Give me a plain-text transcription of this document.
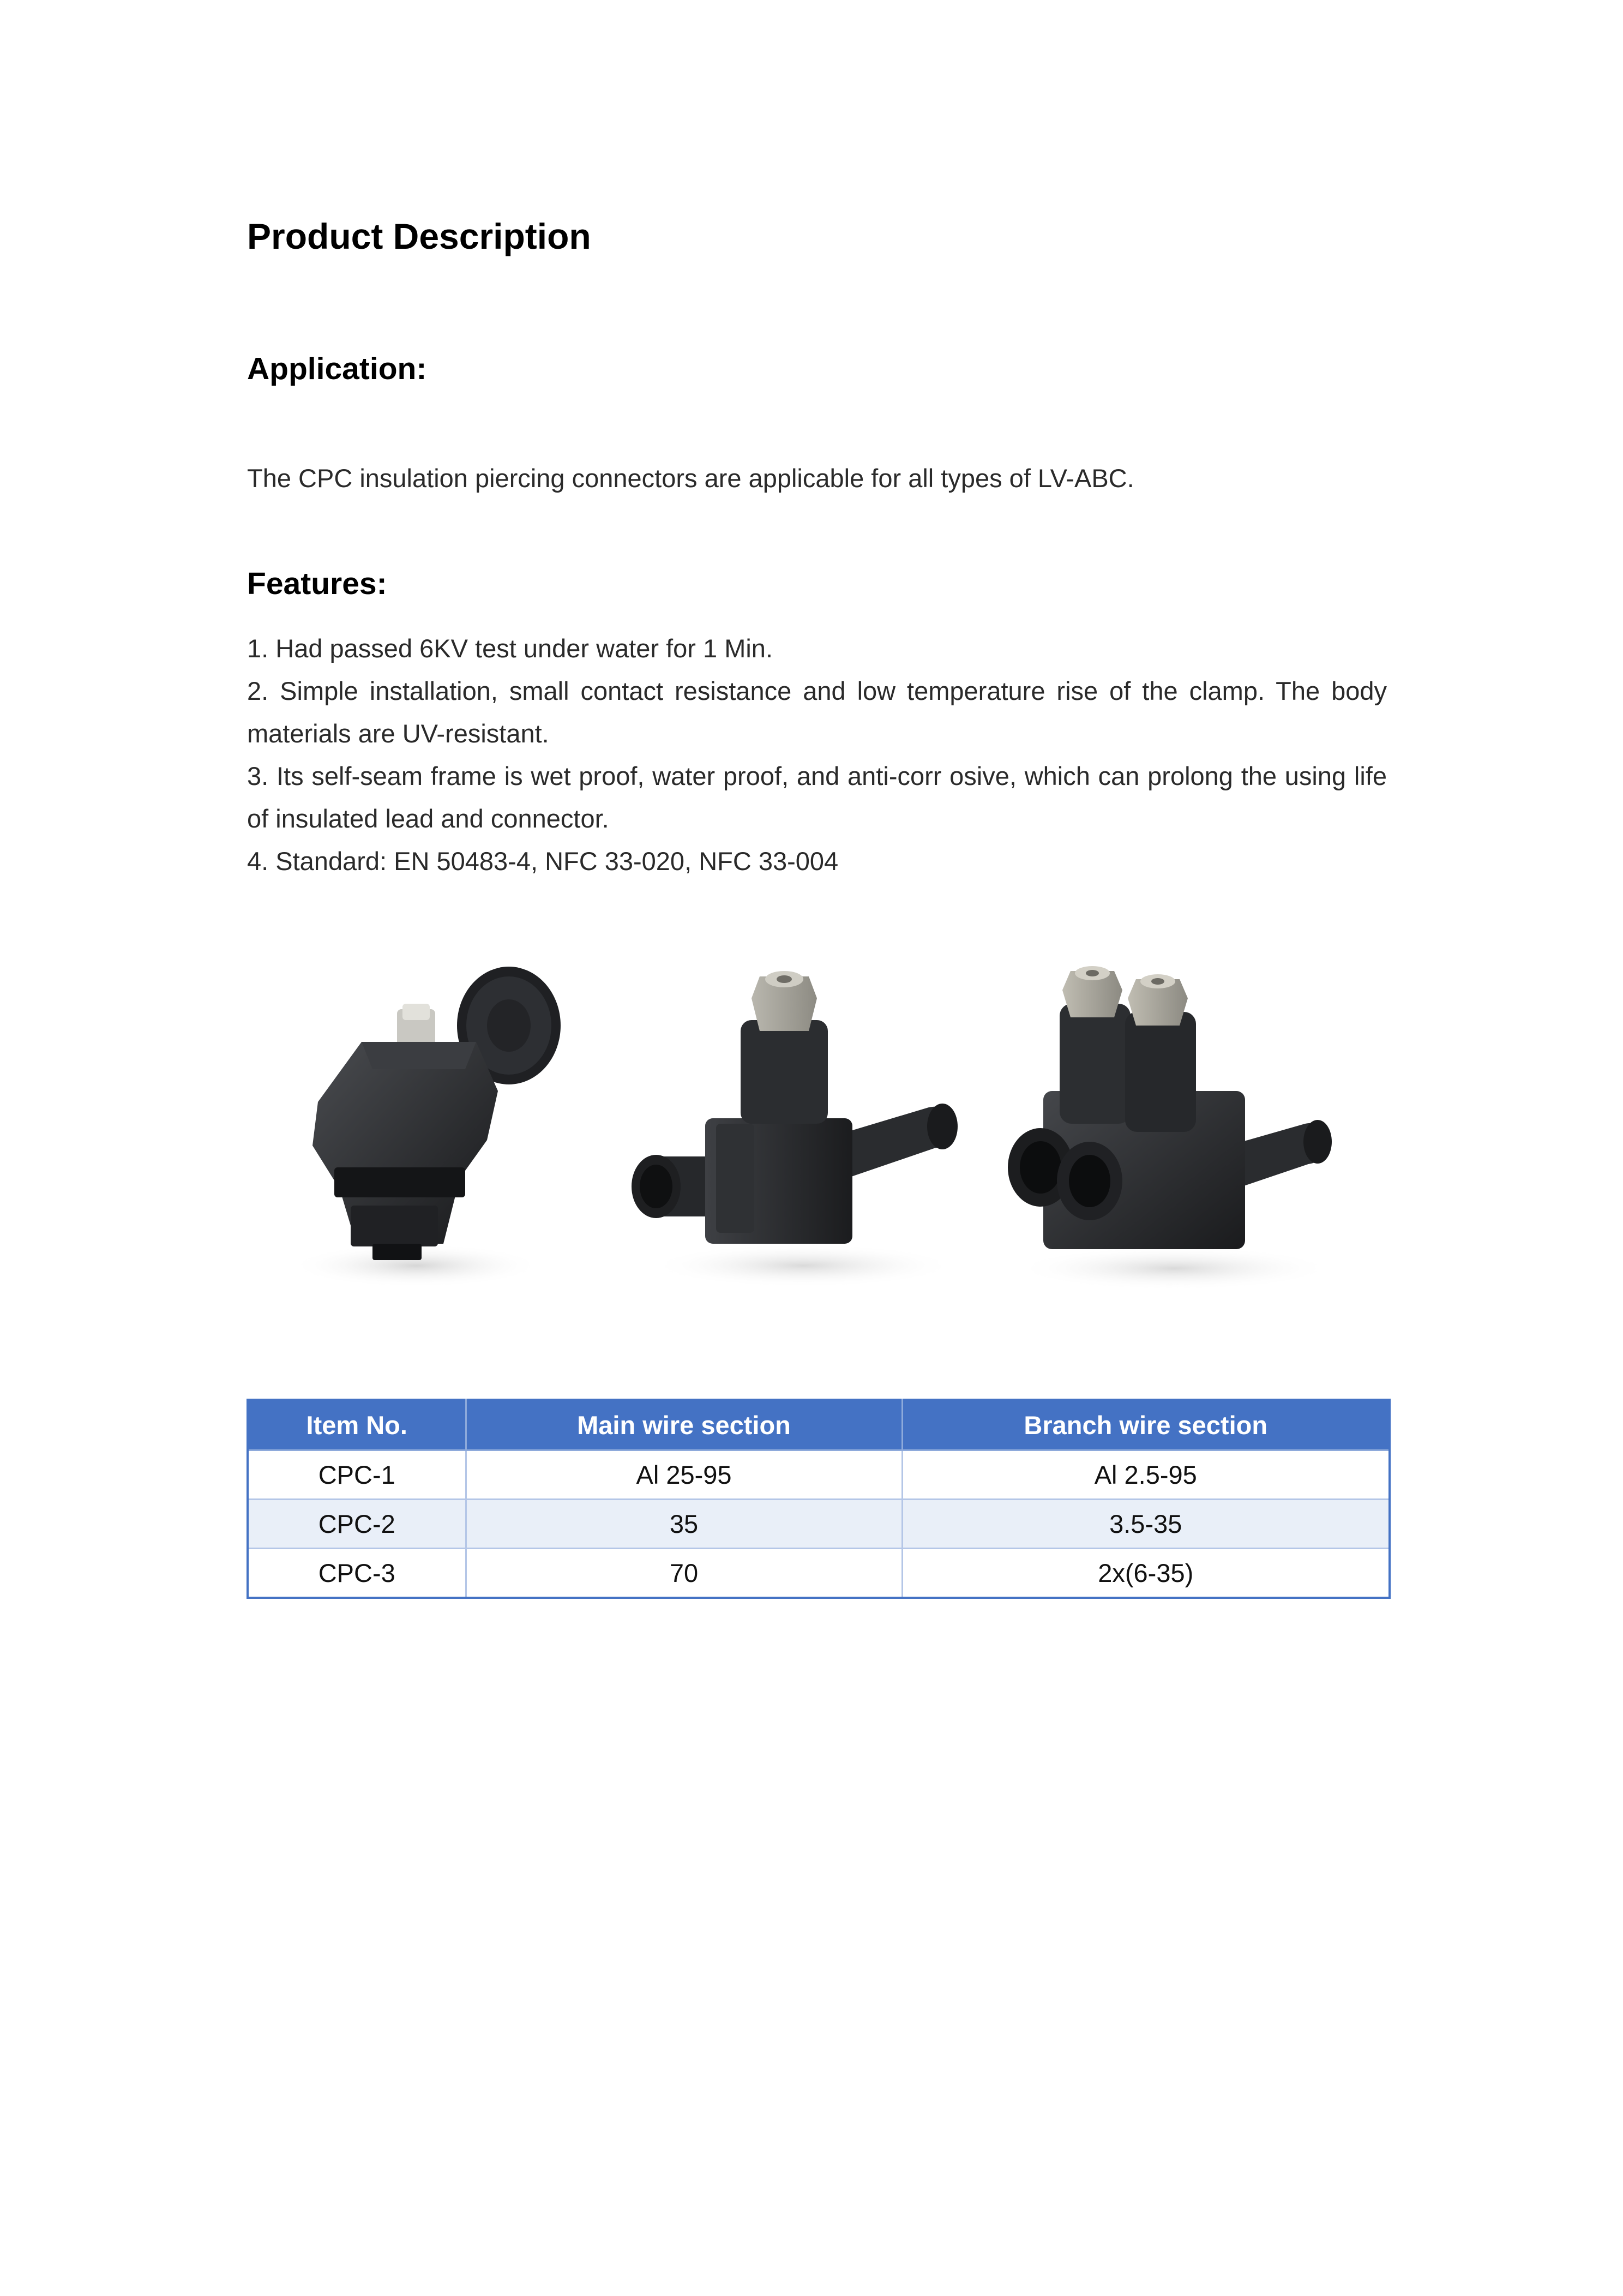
Product Description
Application:

The CPC insulation piercing connectors are applicable for all types of LV-ABC.

Features:
1. Had passed 6KV test under water for 1 Min.
2. Simple installation, small contact resistance and low temperature rise of the clamp. The body materials are UV-resistant.
3. Its self-seam frame is wet proof, water proof, and anti-corr osive, which can prolong the using life of insulated lead and connector.
4. Standard: EN 50483-4, NFC 33-020, NFC 33-004
Item No.	Main wire section	Branch wire section
CPC-1	Al 25-95	Al 2.5-95
CPC-2	35	3.5-35
CPC-3	70	2x(6-35)
